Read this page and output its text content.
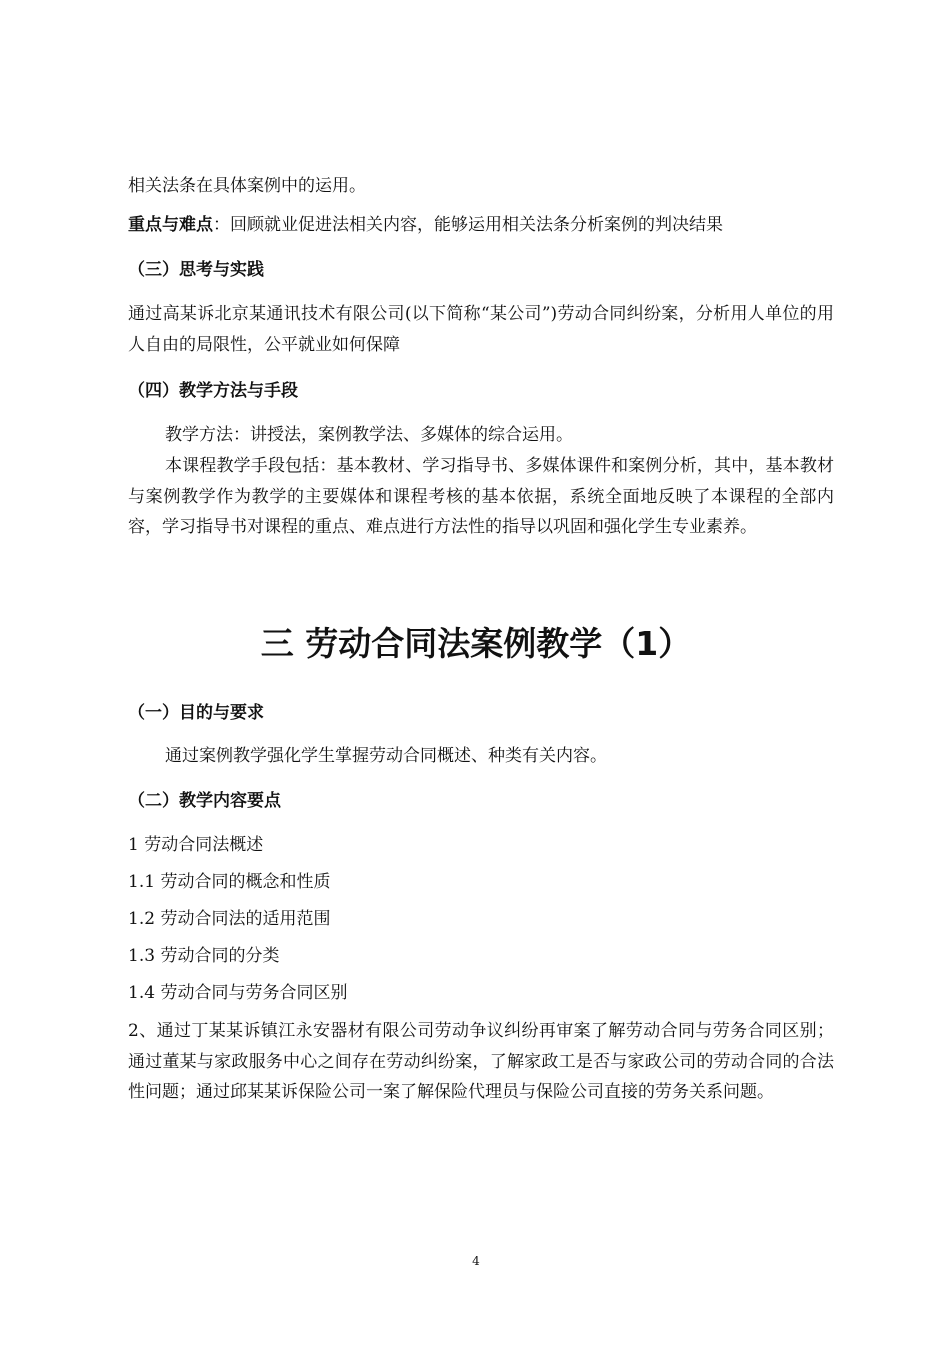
相关法条在具体案例中的运用。
重点与难点：回顾就业促进法相关内容，能够运用相关法条分析案例的判决结果
（三）思考与实践
通过高某诉北京某通讯技术有限公司(以下简称“某公司”)劳动合同纠纷案，分析用人单位的用人自由的局限性，公平就业如何保障
（四）教学方法与手段
教学方法：讲授法，案例教学法、多媒体的综合运用。
本课程教学手段包括：基本教材、学习指导书、多媒体课件和案例分析，其中，基本教材与案例教学作为教学的主要媒体和课程考核的基本依据，系统全面地反映了本课程的全部内容，学习指导书对课程的重点、难点进行方法性的指导以巩固和强化学生专业素养。
三 劳动合同法案例教学（1）
（一）目的与要求
通过案例教学强化学生掌握劳动合同概述、种类有关内容。
（二）教学内容要点
1 劳动合同法概述
1.1 劳动合同的概念和性质
1.2 劳动合同法的适用范围
1.3 劳动合同的分类
1.4 劳动合同与劳务合同区别
2、通过丁某某诉镇江永安器材有限公司劳动争议纠纷再审案了解劳动合同与劳务合同区别；通过董某与家政服务中心之间存在劳动纠纷案，了解家政工是否与家政公司的劳动合同的合法性问题；通过邱某某诉保险公司一案了解保险代理员与保险公司直接的劳务关系问题。
4
